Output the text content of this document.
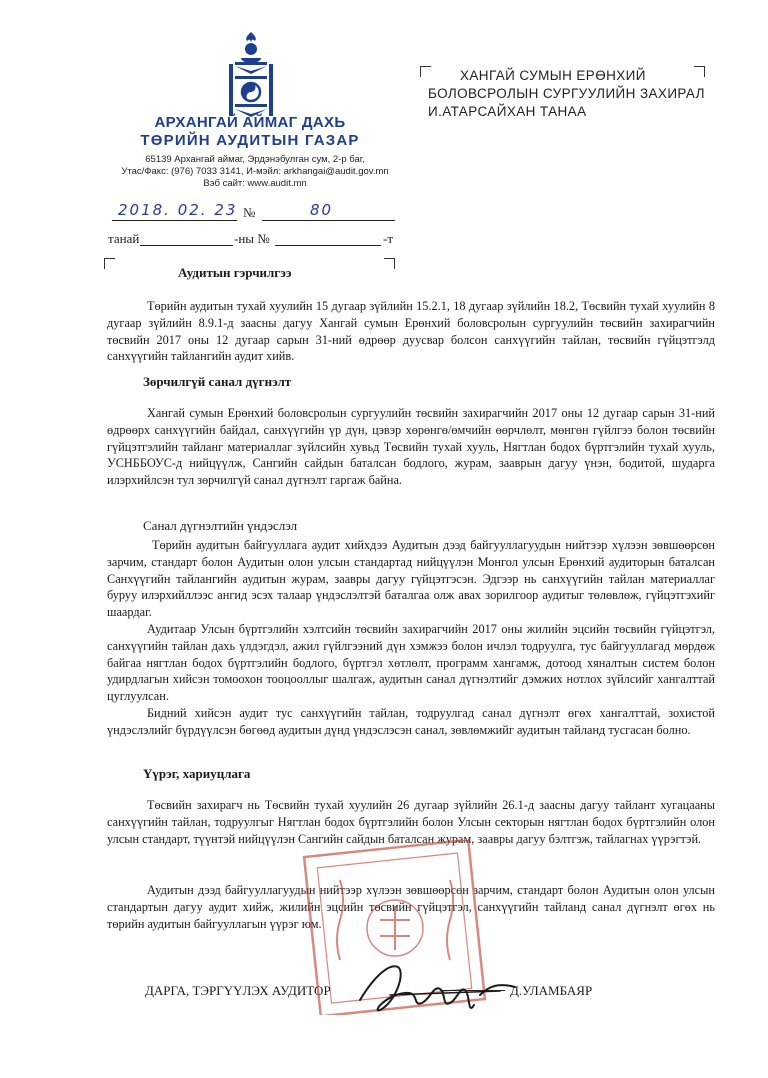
АРХАНГАЙ АЙМАГ ДАХЬ
ТӨРИЙН АУДИТЫН ГАЗАР
65139 Архангай аймаг, Эрдэнэбулган сум, 2-р баг,
Утас/Факс: (976) 7033 3141, И-мэйл: arkhangai@audit.gov.mn
Вэб сайт: www.audit.mn
ХАНГАЙ СУМЫН ЕРӨНХИЙ
БОЛОВСРОЛЫН СУРГУУЛИЙН ЗАХИРАЛ
И.АТАРСАЙХАН ТАНАА
2018. 02. 23 №	80
танай	-ны №	-т
Аудитын гэрчилгээ
Төрийн аудитын тухай хуулийн 15 дугаар зүйлийн 15.2.1, 18 дугаар зүйлийн 18.2, Төсвийн тухай хуулийн 8 дугаар зүйлийн 8.9.1-д заасны дагуу Хангай сумын Ерөнхий боловсролын сургуулийн төсвийн захирагчийн төсвийн 2017 оны 12 дугаар сарын 31-ний өдрөөр дуусвар болсон санхүүгийн тайлан, төсвийн гүйцэтгэлд санхүүгийн тайлангийн аудит хийв.
Зөрчилгүй санал дүгнэлт
Хангай сумын Ерөнхий боловсролын сургуулийн төсвийн захирагчийн 2017 оны 12 дугаар сарын 31-ний өдрөөрх санхүүгийн байдал, санхүүгийн үр дүн, цэвэр хөрөнгө/өмчийн өөрчлөлт, мөнгөн гүйлгээ болон төсвийн гүйцэтгэлийн тайланг материаллаг зүйлсийн хувьд Төсвийн тухай хууль, Нягтлан бодох бүртгэлийн тухай хууль, УСНББОУС-д нийцүүлж, Сангийн сайдын баталсан бодлого, журам, зааврын дагуу үнэн, бодитой, шударга илэрхийлсэн тул зөрчилгүй санал дүгнэлт гаргаж байна.
Санал дүгнэлтийн үндэслэл
Төрийн аудитын байгууллага аудит хийхдээ Аудитын дээд байгууллагуудын нийтээр хүлээн зөвшөөрсөн зарчим, стандарт болон Аудитын олон улсын стандартад нийцүүлэн Монгол улсын Ерөнхий аудиторын баталсан Санхүүгийн тайлангийн аудитын журам, заавры дагуу гүйцэтгэсэн. Эдгээр нь санхүүгийн тайлан материаллаг буруу илэрхийллээс ангид эсэх талаар үндэслэлтэй баталгаа олж авах зорилгоор аудитыг төлөвлөж, гүйцэтгэхийг шаардаг.
Аудитаар Улсын бүртгэлийн хэлтсийн төсвийн захирагчийн 2017 оны жилийн эцсийн төсвийн гүйцэтгэл, санхүүгийн тайлан дахь үлдэгдэл, ажил гүйлгээний дүн хэмжээ болон ичлэл тодруулга, тус байгууллагад мөрдөж байгаа нягтлан бодох бүртгэлийн бодлого, бүртгэл хөтлөлт, программ хангамж, дотоод хяналтын систем болон удирдлагын хийсэн томоохон тооцооллыг шалгаж, аудитын санал дүгнэлтийг дэмжих нотлох зүйлсийг хангалттай цуглуулсан.
Бидний хийсэн аудит тус санхүүгийн тайлан, тодруулгад санал дүгнэлт өгөх хангалттай, зохистой үндэслэлийг бүрдүүлсэн бөгөөд аудитын дүнд үндэслэсэн санал, зөвлөмжийг аудитын тайланд тусгасан болно.
Үүрэг, хариуцлага
Төсвийн захирагч нь Төсвийн тухай хуулийн 26 дугаар зүйлийн 26.1-д заасны дагуу тайлант хугацааны санхүүгийн тайлан, тодруулгыг Нягтлан бодох бүртгэлийн болон Улсын секторын нягтлан бодох бүртгэлийн олон улсын стандарт, түүнтэй нийцүүлэн Сангийн сайдын баталсан журам, заавры дагуу бэлтгэж, тайлагнах үүрэгтэй.
Аудитын дээд байгууллагуудын нийтээр хүлээн зөвшөөрсөн зарчим, стандарт болон Аудитын олон улсын стандартын дагуу аудит хийж, жилийн эцсийн төсвийн гүйцэтгэл, санхүүгийн тайланд санал дүгнэлт өгөх нь төрийн аудитын байгууллагын үүрэг юм.
ДАРГА, ТЭРГҮҮЛЭХ АУДИТОР	Д.УЛАМБАЯР
